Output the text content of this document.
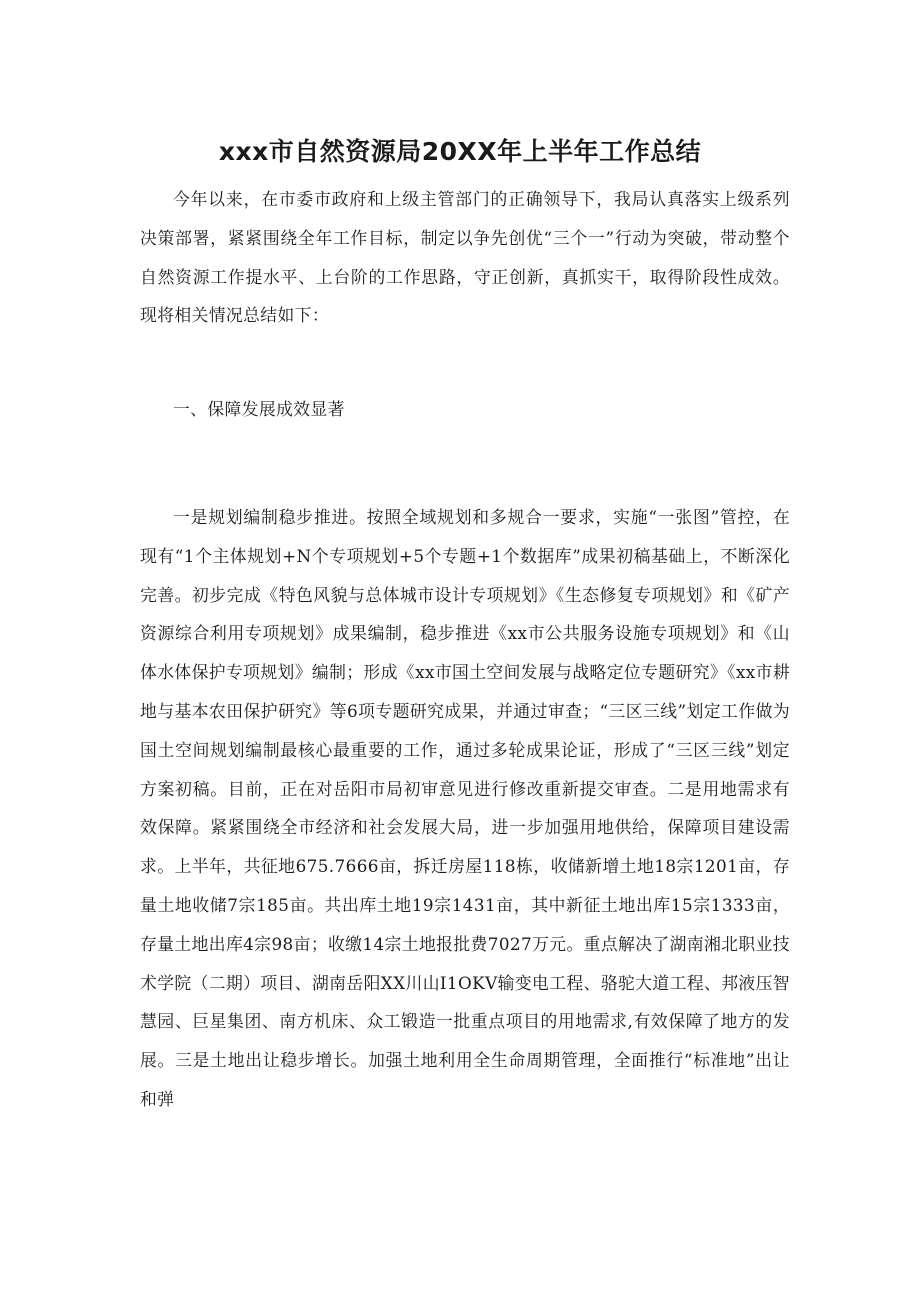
xxx市自然资源局20XX年上半年工作总结

今年以来，在市委市政府和上级主管部门的正确领导下，我局认真落实上级系列决策部署，紧紧围绕全年工作目标，制定以争先创优“三个一”行动为突破，带动整个自然资源工作提水平、上台阶的工作思路，守正创新，真抓实干，取得阶段性成效。现将相关情况总结如下：

一、保障发展成效显著

一是规划编制稳步推进。按照全域规划和多规合一要求，实施“一张图”管控，在现有“1个主体规划+N个专项规划+5个专题+1个数据库”成果初稿基础上，不断深化完善。初步完成《特色风貌与总体城市设计专项规划》《生态修复专项规划》和《矿产资源综合利用专项规划》成果编制，稳步推进《xx市公共服务设施专项规划》和《山体水体保护专项规划》编制；形成《xx市国土空间发展与战略定位专题研究》《xx市耕地与基本农田保护研究》等6项专题研究成果，并通过审查；“三区三线”划定工作做为国土空间规划编制最核心最重要的工作，通过多轮成果论证，形成了“三区三线”划定方案初稿。目前，正在对岳阳市局初审意见进行修改重新提交审查。二是用地需求有效保障。紧紧围绕全市经济和社会发展大局，进一步加强用地供给，保障项目建设需求。上半年，共征地675.7666亩，拆迁房屋118栋，收储新增土地18宗1201亩，存量土地收储7宗185亩。共出库土地19宗1431亩，其中新征土地出库15宗1333亩，存量土地出库4宗98亩；收缴14宗土地报批费7027万元。重点解决了湖南湘北职业技术学院（二期）项目、湖南岳阳XX川山I1OKV输变电工程、骆驼大道工程、邦液压智慧园、巨星集团、南方机床、众工锻造一批重点项目的用地需求,有效保障了地方的发展。三是土地出让稳步增长。加强土地利用全生命周期管理，全面推行“标准地”出让和弹
